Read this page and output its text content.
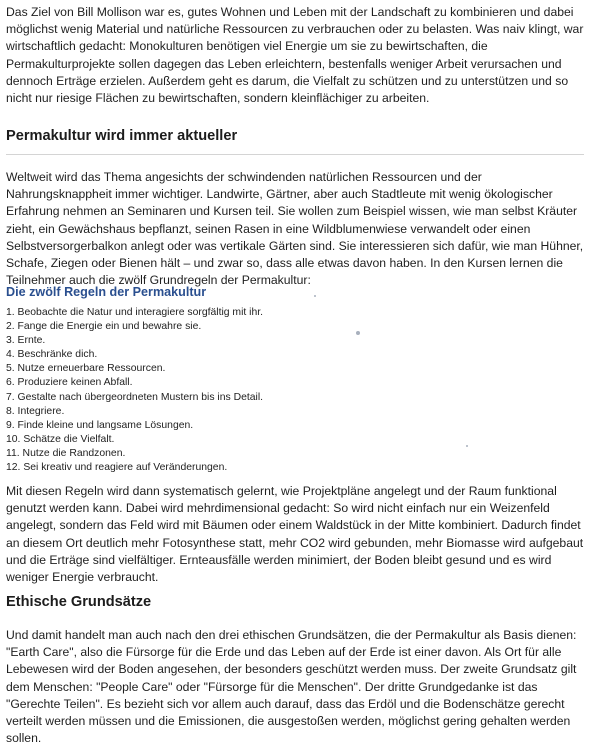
Das Ziel von Bill Mollison war es, gutes Wohnen und Leben mit der Landschaft zu kombinieren und dabei möglichst wenig Material und natürliche Ressourcen zu verbrauchen oder zu belasten. Was naiv klingt, war wirtschaftlich gedacht: Monokulturen benötigen viel Energie um sie zu bewirtschaften, die Permakulturprojekte sollen dagegen das Leben erleichtern, bestenfalls weniger Arbeit verursachen und dennoch Erträge erzielen. Außerdem geht es darum, die Vielfalt zu schützen und zu unterstützen und so nicht nur riesige Flächen zu bewirtschaften, sondern kleinflächiger zu arbeiten.

Permakultur wird immer aktueller

Weltweit wird das Thema angesichts der schwindenden natürlichen Ressourcen und der Nahrungsknappheit immer wichtiger. Landwirte, Gärtner, aber auch Stadtleute mit wenig ökologischer Erfahrung nehmen an Seminaren und Kursen teil. Sie wollen zum Beispiel wissen, wie man selbst Kräuter zieht, ein Gewächshaus bepflanzt, seinen Rasen in eine Wildblumenwiese verwandelt oder einen Selbstversorgerbalkon anlegt oder was vertikale Gärten sind. Sie interessieren sich dafür, wie man Hühner, Schafe, Ziegen oder Bienen hält – und zwar so, dass alle etwas davon haben. In den Kursen lernen die Teilnehmer auch die zwölf Grundregeln der Permakultur:

Die zwölf Regeln der Permakultur
1. Beobachte die Natur und interagiere sorgfältig mit ihr.
2. Fange die Energie ein und bewahre sie.
3. Ernte.
4. Beschränke dich.
5. Nutze erneuerbare Ressourcen.
6. Produziere keinen Abfall.
7. Gestalte nach übergeordneten Mustern bis ins Detail.
8. Integriere.
9. Finde kleine und langsame Lösungen.
10. Schätze die Vielfalt.
11. Nutze die Randzonen.
12. Sei kreativ und reagiere auf Veränderungen.

Mit diesen Regeln wird dann systematisch gelernt, wie Projektpläne angelegt und der Raum funktional genutzt werden kann. Dabei wird mehrdimensional gedacht: So wird nicht einfach nur ein Weizenfeld angelegt, sondern das Feld wird mit Bäumen oder einem Waldstück in der Mitte kombiniert. Dadurch findet an diesem Ort deutlich mehr Fotosynthese statt, mehr CO2 wird gebunden, mehr Biomasse wird aufgebaut und die Erträge sind vielfältiger. Ernteausfälle werden minimiert, der Boden bleibt gesund und es wird weniger Energie verbraucht.

Ethische Grundsätze

Und damit handelt man auch nach den drei ethischen Grundsätzen, die der Permakultur als Basis dienen: "Earth Care", also die Fürsorge für die Erde und das Leben auf der Erde ist einer davon. Als Ort für alle Lebewesen wird der Boden angesehen, der besonders geschützt werden muss. Der zweite Grundsatz gilt dem Menschen: "People Care" oder "Fürsorge für die Menschen". Der dritte Grundgedanke ist das "Gerechte Teilen". Es bezieht sich vor allem auch darauf, dass das Erdöl und die Bodenschätze gerecht verteilt werden müssen und die Emissionen, die ausgestoßen werden, möglichst gering gehalten werden sollen.
